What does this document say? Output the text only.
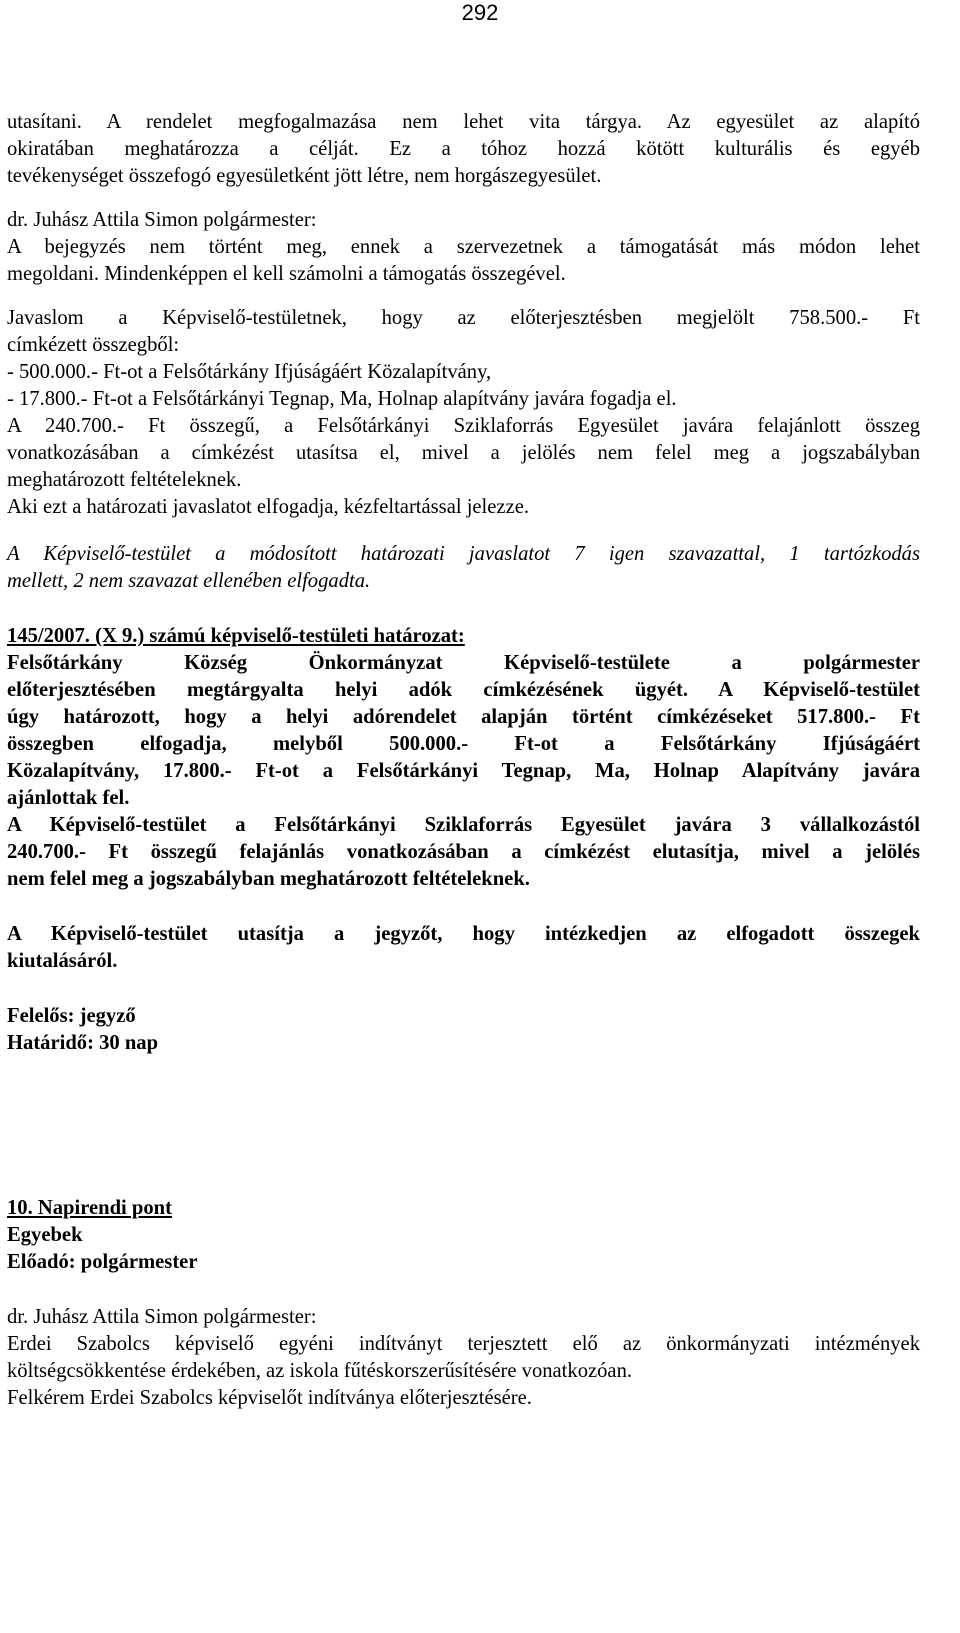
292

utasítani. A rendelet megfogalmazása nem lehet vita tárgya. Az egyesület az alapító

okiratában meghatározza a célját. Ez a tóhoz hozzá kötött kulturális és egyéb

tevékenységet összefogó egyesületként jött létre, nem horgászegyesület.

dr. Juhász Attila Simon polgármester:

A bejegyzés nem történt meg, ennek a szervezetnek a támogatását más módon lehet

megoldani. Mindenképpen el kell számolni a támogatás összegével.

Javaslom a Képviselő-testületnek, hogy az előterjesztésben megjelölt 758.500.- Ft

címkézett összegből:

- 500.000.- Ft-ot a Felsőtárkány Ifjúságáért Közalapítvány,

- 17.800.- Ft-ot a Felsőtárkányi Tegnap, Ma, Holnap alapítvány javára fogadja el.

A 240.700.- Ft összegű, a Felsőtárkányi Sziklaforrás Egyesület javára felajánlott összeg

vonatkozásában a címkézést utasítsa el, mivel a jelölés nem felel meg a jogszabályban

meghatározott feltételeknek.

Aki ezt a határozati javaslatot elfogadja, kézfeltartással jelezze.

A Képviselő-testület a módosított határozati javaslatot 7 igen szavazattal, 1 tartózkodás

mellett, 2 nem szavazat ellenében elfogadta.

145/2007. (X 9.) számú képviselő-testületi határozat:

Felsőtárkány Község Önkormányzat Képviselő-testülete a polgármester

előterjesztésében megtárgyalta helyi adók címkézésének ügyét. A Képviselő-testület

úgy határozott, hogy a helyi adórendelet alapján történt címkézéseket 517.800.- Ft

összegben elfogadja, melyből 500.000.- Ft-ot a Felsőtárkány Ifjúságáért

Közalapítvány, 17.800.- Ft-ot a Felsőtárkányi Tegnap, Ma, Holnap Alapítvány javára

ajánlottak fel.

A Képviselő-testület a Felsőtárkányi Sziklaforrás Egyesület javára 3 vállalkozástól

240.700.- Ft összegű felajánlás vonatkozásában a címkézést elutasítja, mivel a jelölés

nem felel meg a jogszabályban meghatározott feltételeknek.

A Képviselő-testület utasítja a jegyzőt, hogy intézkedjen az elfogadott összegek

kiutalásáról.

Felelős: jegyző

Határidő: 30 nap

10. Napirendi pont

Egyebek

Előadó: polgármester

dr. Juhász Attila Simon polgármester:

Erdei Szabolcs képviselő egyéni indítványt terjesztett elő az önkormányzati intézmények

költségcsökkentése érdekében, az iskola fűtéskorszerűsítésére vonatkozóan.

Felkérem Erdei Szabolcs képviselőt indítványa előterjesztésére.
